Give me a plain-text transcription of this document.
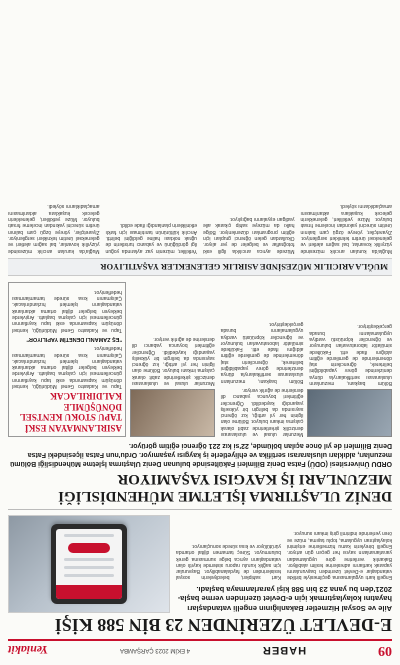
09
HABER
4 EKİM 2023 ÇARŞAMBA
Yeniakit
E-DEVLET ÜZERİNDEN 23 BİN 588 KİŞİ
Aile ve Sosyal Hizmetler Bakanlığının engelli vatandaşları hayatını kolaylaştırmak için e-Devlet üzerinden verme başla- 2021'den bu yana 23 bin 588 kişi yararlanmaya başladı.

Engelli kartı uygulamasına geçilmesiyle birlikte vatandaşlar e-Devlet üzerinden başvurularını yaparak kartlarını adreslerine teslim alabiliyor. Bakanlık verilerine göre uygulamadan yararlananların sayısı her geçen gün artıyor. Engelli bireylerin kamu hizmetlerine erişimini kolaylaştıran uygulama, toplu taşıma, müze ve ören yerlerinde indirimli giriş imkanı sunuyor.

Kart sahipleri, belediyelerin sosyal tesislerinden de faydalanabiliyor. Başvurular için sağlık kurulu raporu sistemde kayıtlı olan vatandaşların ayrıca belge sunmasına gerek bulunmuyor. Süreç tamamen dijital ortamda yürütülüyor ve kısa sürede sonuçlanıyor.

DENİZ ULAŞTIRMA İŞLETME MÜHENDİSLİĞİ MEZUNLARI İŞ KAYGISI YAŞAMIYOR
ORDU Üniversitesi (ODÜ) Fatsa Deniz Bilimleri Fakültesinde bulunan Deniz Ulaştırma İşletme Mühendisliği Bölümü mezunları, aldıkları uluslararası sertifika ve ehliyetlerle iş kaygısı yaşamıyor. Ordu'nun Fatsa ilçesindeki Fatsa Deniz Bilimleri de yıl önce açılan bölümde, 22'si kız 221 öğrenci eğitim görüyor.

Bölüm başkanı, mezunların uluslararası sertifikalarıyla dünya denizlerinde görev yapabildiğini belirterek, öğrencilerin staj dönemlerinde de gemilerde eğitim aldığını ifade etti. Fakültede simülatör laboratuvarları bulunuyor ve öğrenciler köprüüstü vardiya uygulamalarını burada gerçekleştiriyor.

Mezunlar ulusal ve uluslararası denizcilik şirketlerinde zabit olarak çalışma imkanı buluyor. Bölüme olan ilginin her yıl arttığı, kız öğrenci sayısında da belirgin bir yükseliş yaşandığı kaydedildi. Öğrenciler eğitimleri boyunca yabancı dil derslerine de ağırlık veriyor.

Bölüm başkanı, mezunların uluslararası sertifikalarıyla dünya denizlerinde görev yapabildiğini belirterek, öğrencilerin staj dönemlerinde de gemilerde eğitim aldığını ifade etti. Fakültede simülatör laboratuvarları bulunuyor ve öğrenciler köprüüstü vardiya uygulamalarını burada gerçekleştiriyor.

Mezunlar ulusal ve uluslararası denizcilik şirketlerinde zabit olarak çalışma imkanı buluyor. Bölüme olan ilginin her yıl arttığı, kız öğrenci sayısında da belirgin bir yükseliş yaşandığı kaydedildi. Öğrenciler eğitimleri boyunca yabancı dil derslerine de ağırlık veriyor.

ASIRLANMAYAN ESKİ TAPU STOKU KENTSEL DÖNÜŞÜMLE KALDIRILACAK

Tapu ve Kadastro Genel Müdürlüğü, kentsel dönüşüm kapsamında eski tapu kayıtlarının güncellenmesi için çalışma başlattı. Arşivlerde bekleyen belgeler dijital ortama aktarılarak vatandaşların işlemleri hızlandırılacak. Çalışmanın kısa sürede tamamlanması hedefleniyor.

"EŞ ZAMANLI DENETİM YAPILIYOR"

Tapu ve Kadastro Genel Müdürlüğü, kentsel dönüşüm kapsamında eski tapu kayıtlarının güncellenmesi için çalışma başlattı. Arşivlerde bekleyen belgeler dijital ortama aktarılarak vatandaşların işlemleri hızlandırılacak. Çalışmanın kısa sürede tamamlanması hedefleniyor.

MUĞLA ARICILIK MÜZESİNDE ASIRLIK GELENEKLER YAŞATILIYOR

Muğla'da kurulan arıcılık müzesinde yüzyıllık kovanlar, bal sağım aletleri ve geleneksel üretim teknikleri sergileniyor. Ziyaretçiler, yöreye özgü çam balının üretim sürecini yakından inceleme fırsatı buluyor. Müze yetkilileri, geleneklerin gelecek kuşaklara aktarılmasını amaçladıklarını söyledi.

Müzede ayrıca arıcılıkla ilgili eski fotoğraflar ve belgeler de yer alıyor. Okullardan gelen öğrenci grupları için eğitim programları düzenleniyor. Bölge halkı da müzeye sahip çıkarak aile yadigarı eşyalarını bağışlıyor.

Yetkililer, müzenin yaz aylarında yoğun ilgi gördüğünü ve yabancı turistlerin de uğrak noktası haline geldiğini belirtti. Arıcılık kültürünün tanıtılması için farklı etkinliklerin planlandığı ifade edildi.

Muğla'da kurulan arıcılık müzesinde yüzyıllık kovanlar, bal sağım aletleri ve geleneksel üretim teknikleri sergileniyor. Ziyaretçiler, yöreye özgü çam balının üretim sürecini yakından inceleme fırsatı buluyor. Müze yetkilileri, geleneklerin gelecek kuşaklara aktarılmasını amaçladıklarını söyledi.
